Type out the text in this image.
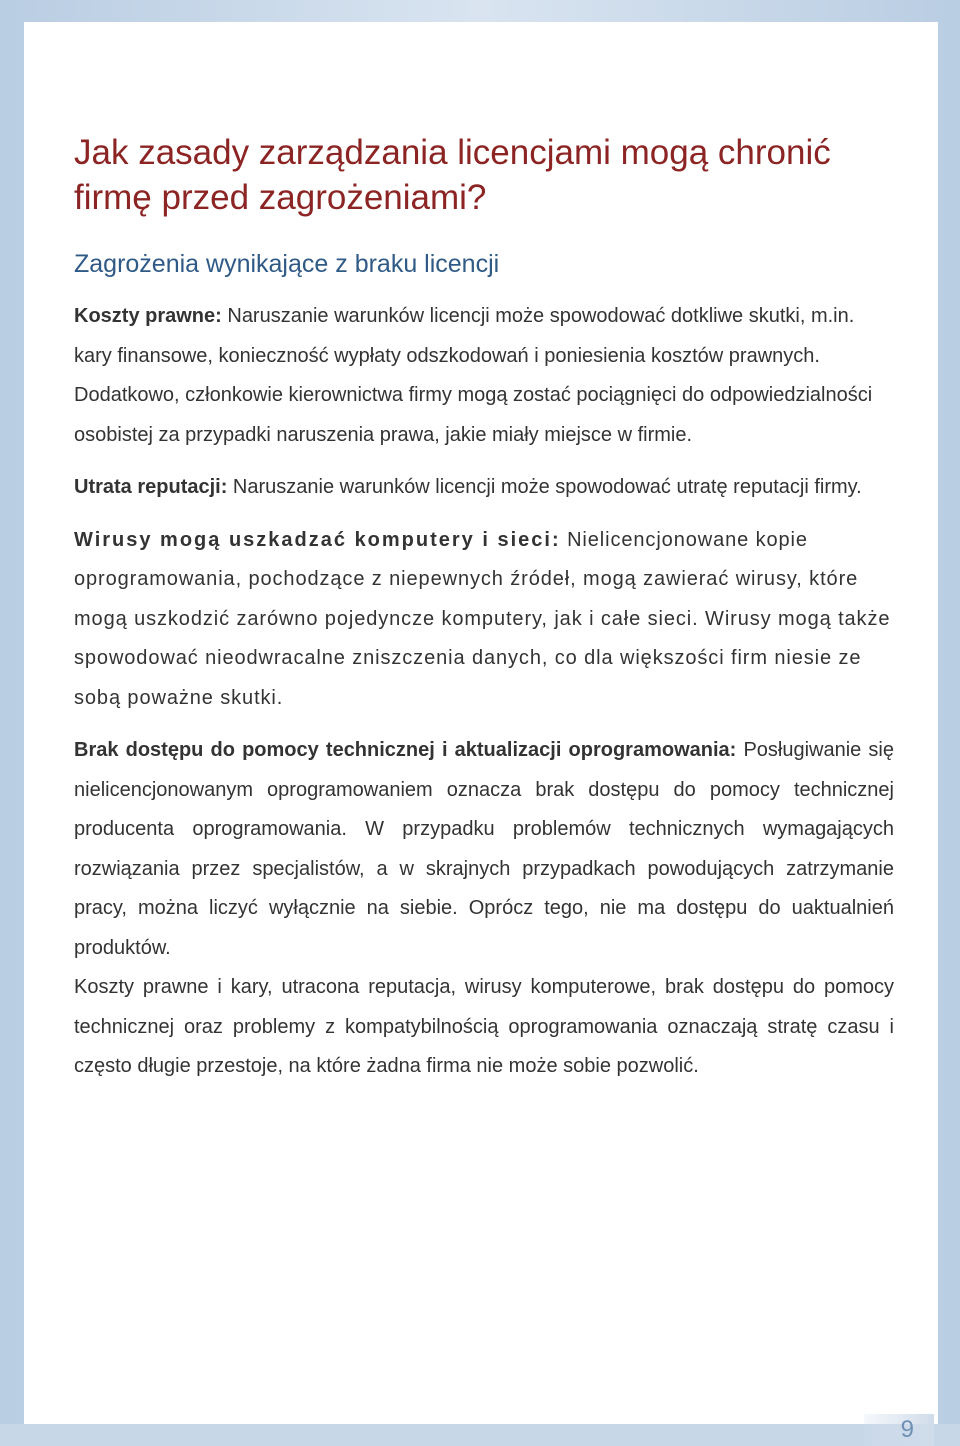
Jak zasady zarządzania licencjami mogą chronić firmę przed zagrożeniami?
Zagrożenia wynikające z braku licencji

Koszty prawne: Naruszanie warunków licencji może spowodować dotkliwe skutki, m.in. kary finansowe, konieczność wypłaty odszkodowań i poniesienia kosztów prawnych. Dodatkowo, członkowie kierownictwa firmy mogą zostać pociągnięci do odpowiedzialności osobistej za przypadki naruszenia prawa, jakie miały miejsce w firmie.

Utrata reputacji: Naruszanie warunków licencji może spowodować utratę reputacji firmy.

Wirusy mogą uszkadzać komputery i sieci: Nielicencjonowane kopie oprogramowania, pochodzące z niepewnych źródeł, mogą zawierać wirusy, które mogą uszkodzić zarówno pojedyncze komputery, jak i całe sieci. Wirusy mogą także spowodować nieodwracalne zniszczenia danych, co dla większości firm niesie ze sobą poważne skutki.

Brak dostępu do pomocy technicznej i aktualizacji oprogramowania: Posługiwanie się nielicencjonowanym oprogramowaniem oznacza brak dostępu do pomocy technicznej producenta oprogramowania. W przypadku problemów technicznych wymagających rozwiązania przez specjalistów, a w skrajnych przypadkach powodujących zatrzymanie pracy, można liczyć wyłącznie na siebie. Oprócz tego, nie ma dostępu do uaktualnień produktów.

Koszty prawne i kary, utracona reputacja, wirusy komputerowe, brak dostępu do pomocy technicznej oraz problemy z kompatybilnością oprogramowania oznaczają stratę czasu i często długie przestoje, na które żadna firma nie może sobie pozwolić.

9
